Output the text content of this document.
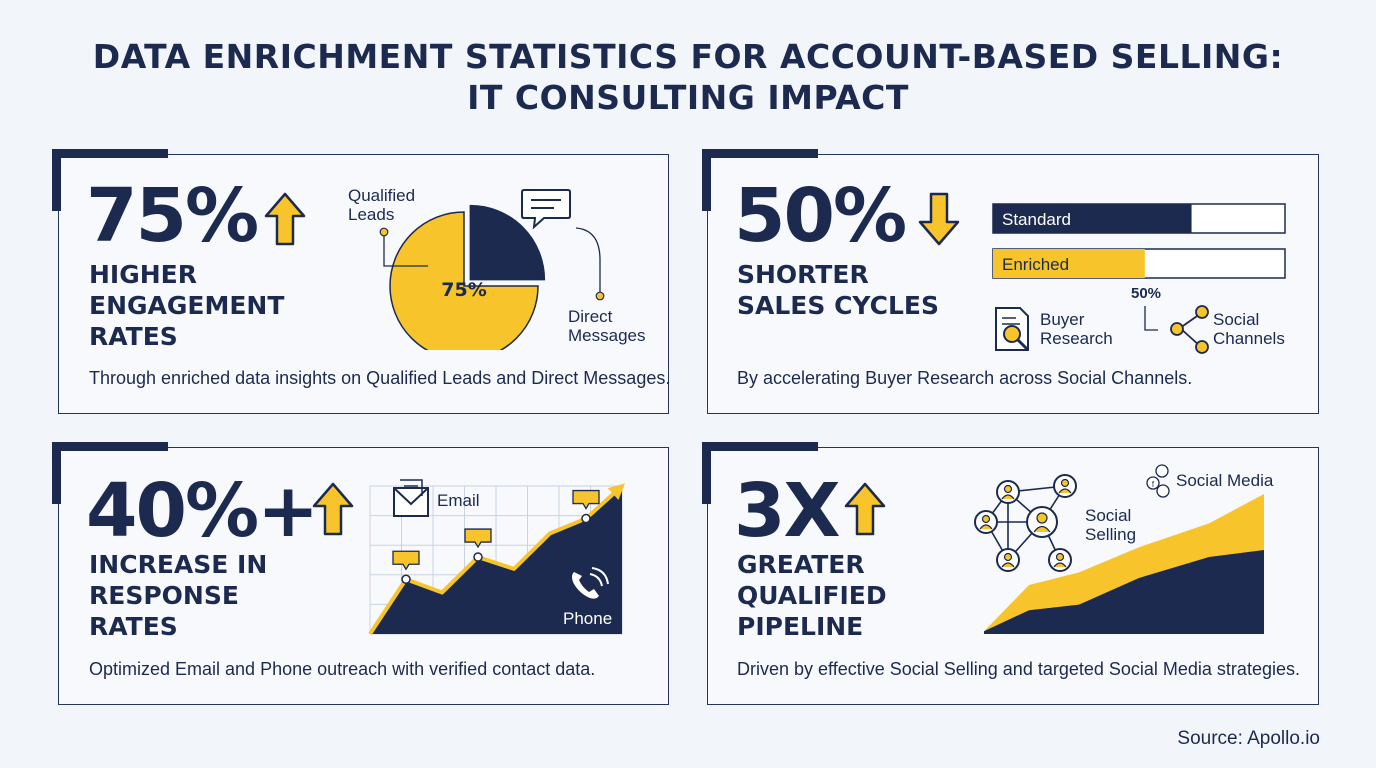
DATA ENRICHMENT STATISTICS FOR ACCOUNT-BASED SELLING:
IT CONSULTING IMPACT
75%
HIGHER
ENGAGEMENT
RATES
Through enriched data insights on Qualified Leads and Direct Messages.
75%
Qualified Leads
Direct Messages
50%
SHORTER
SALES CYCLES
By accelerating Buyer Research across Social Channels.
Standard
Enriched
50%
Buyer
Research
Social
Channels
40%+
INCREASE IN
RESPONSE
RATES
Optimized Email and Phone outreach with verified contact data.
Email
Phone
3X
GREATER
QUALIFIED
PIPELINE
Driven by effective Social Selling and targeted Social Media strategies.
f
Social
Selling
Social Media
Source: Apollo.io
